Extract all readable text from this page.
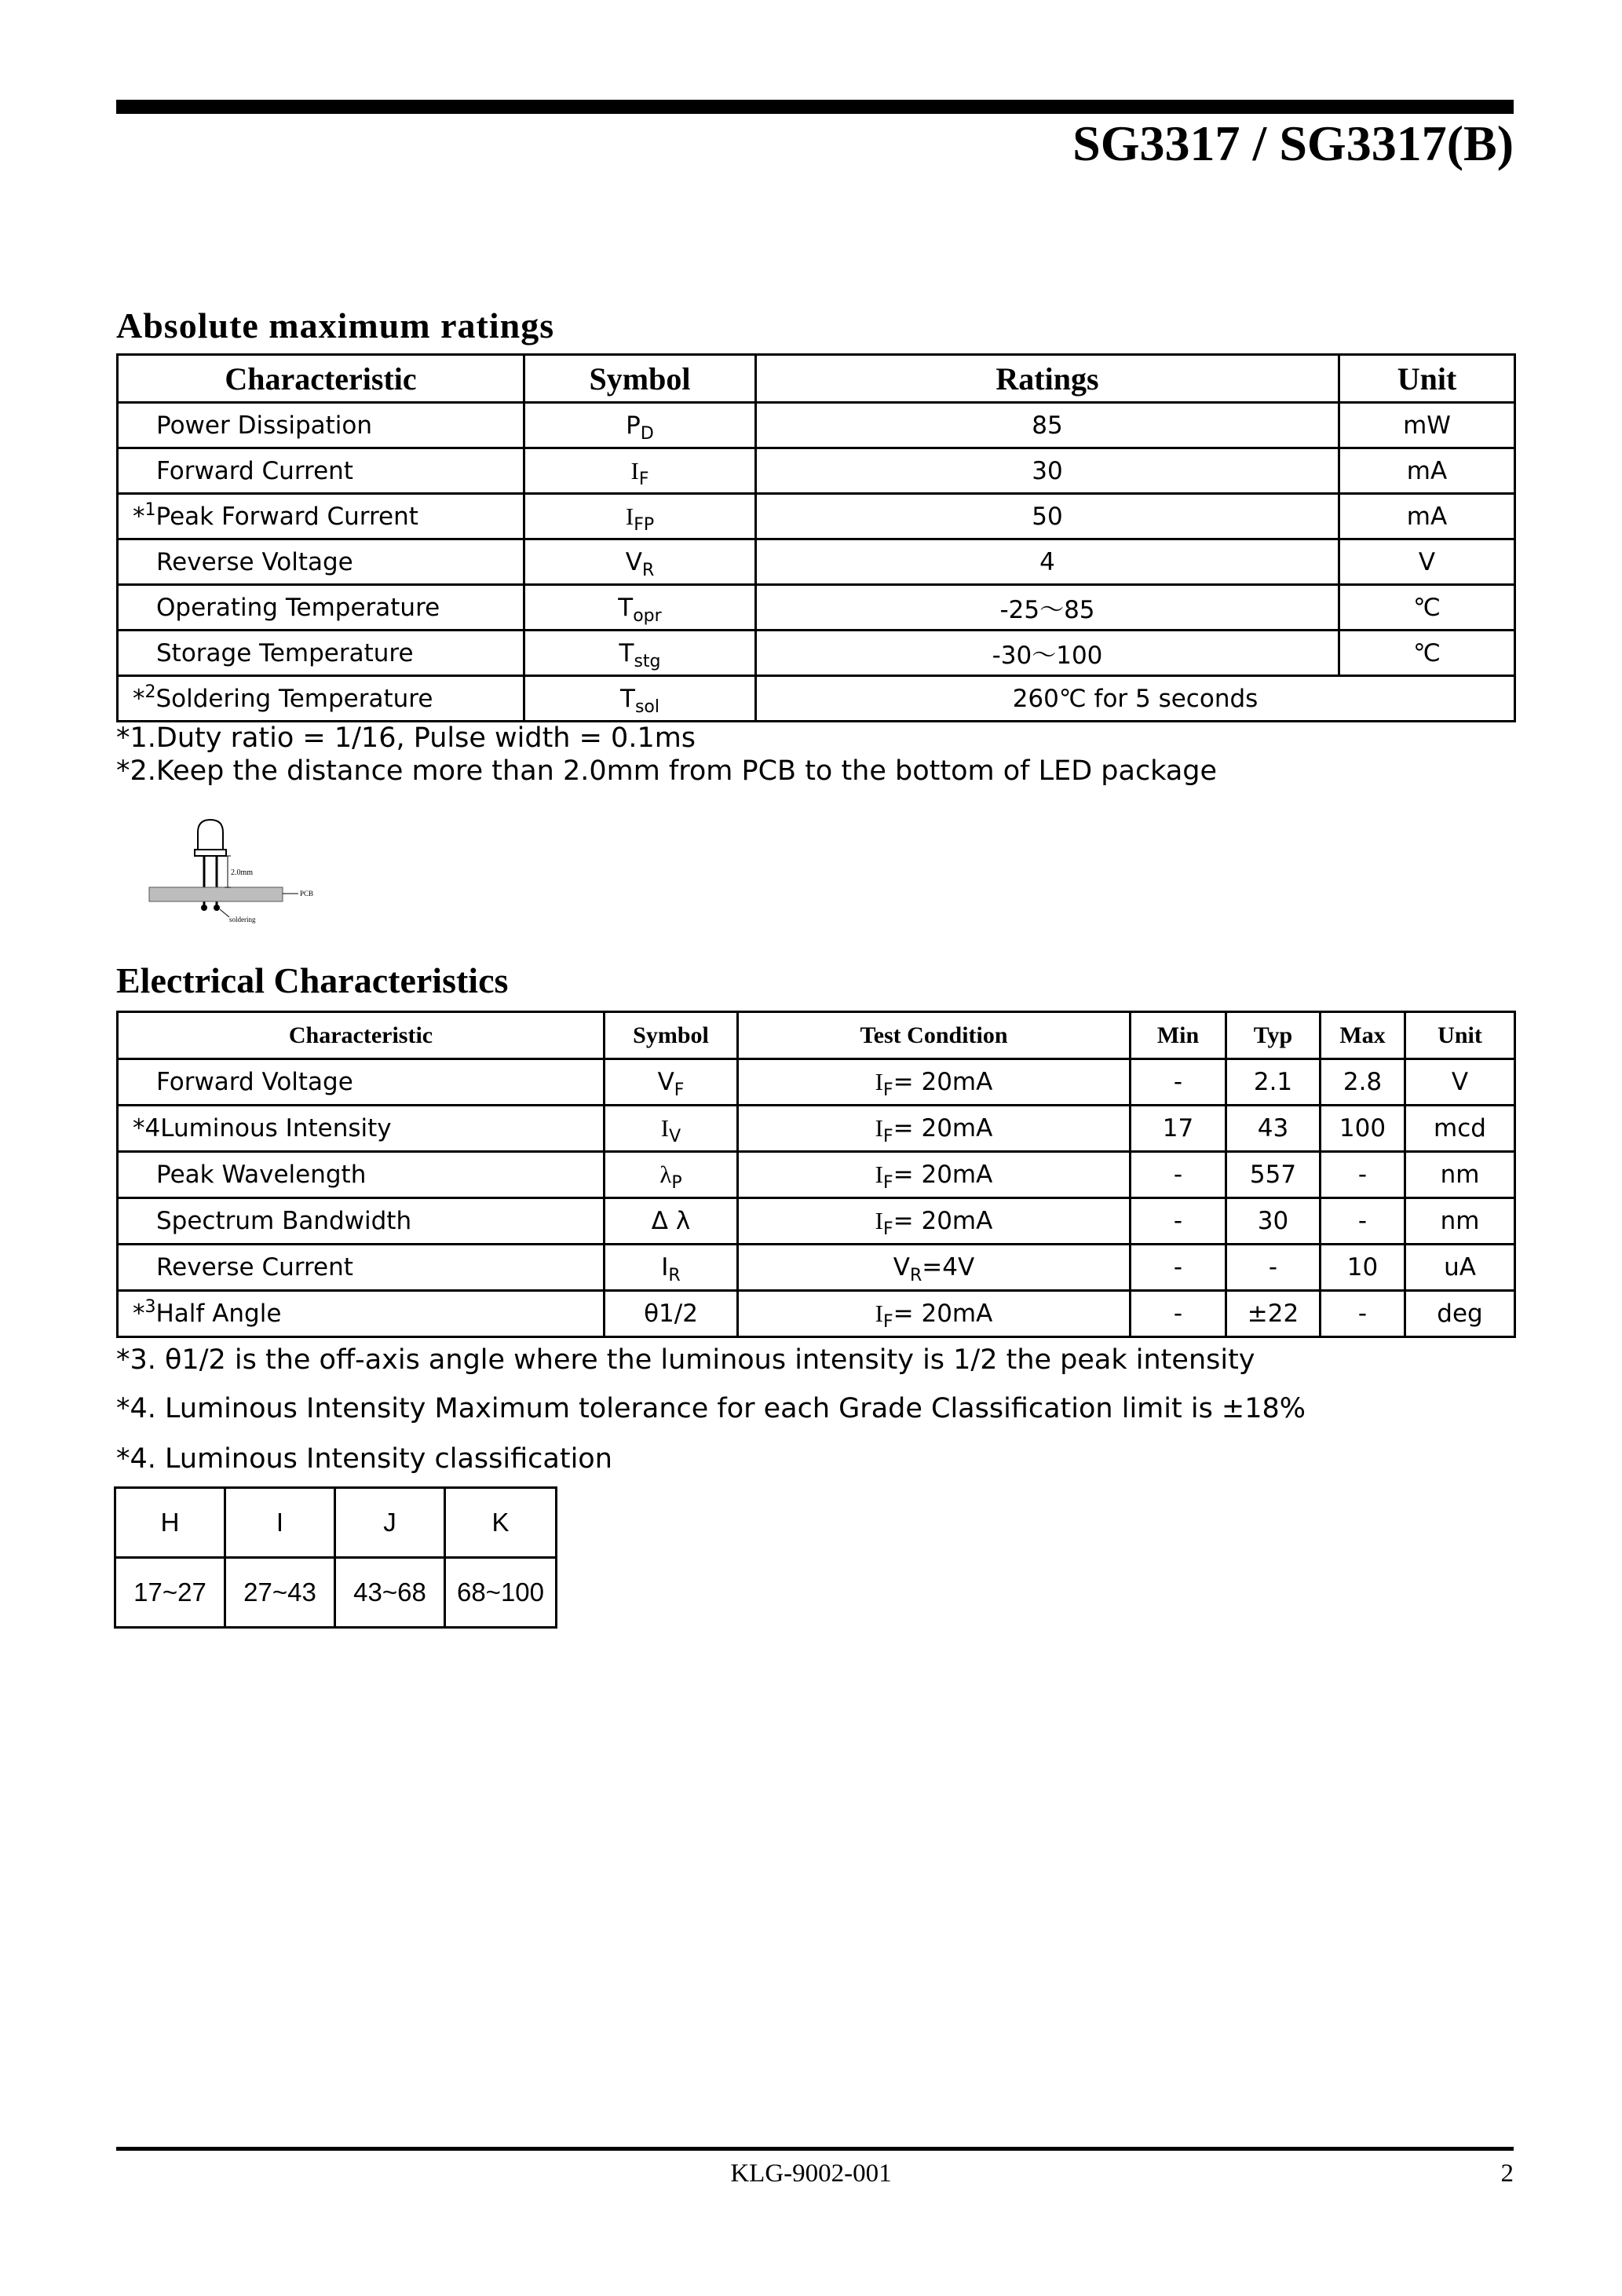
SG3317 / SG3317(B)
Absolute maximum ratings
Characteristic	Symbol	Ratings	Unit
Power Dissipation	$P_D$	85	mW
Forward Current	$I_F$	30	mA
*$^1$Peak Forward Current	$I_{FP}$	50	mA
Reverse Voltage	$V_R$	4	V
Operating Temperature	$T_{opr}$	-25～85	℃
Storage Temperature	$T_{stg}$	-30～100	℃
*$^2$Soldering Temperature	$T_{sol}$	260℃ for 5 seconds	
*1.Duty ratio = 1/16, Pulse width = 0.1ms
*2.Keep the distance more than 2.0mm from PCB to the bottom of LED package
2.0mm
PCB
soldering
Electrical Characteristics
Characteristic	Symbol	Test Condition	Min	Typ	Max	Unit
Forward Voltage	$V_F$	$I_F= 20mA$	-	2.1	2.8	V
*4Luminous Intensity	$I_V$	$I_F= 20mA$	17	43	100	mcd
Peak Wavelength	$\lambda_P$	$I_F= 20mA$	-	557	-	nm
Spectrum Bandwidth	Δ λ	$I_F= 20mA$	-	30	-	nm
Reverse Current	$I_R$	$V_R=4V$	-	-	10	uA
*$^3$Half Angle	θ1/2	$I_F= 20mA$	-	±22	-	deg
*3. θ1/2 is the off-axis angle where the luminous intensity is 1/2 the peak intensity
*4. Luminous Intensity Maximum tolerance for each Grade Classification limit is ±18%
*4. Luminous Intensity classification
H	I	J	K
17~27	27~43	43~68	68~100
KLG-9002-001	2
